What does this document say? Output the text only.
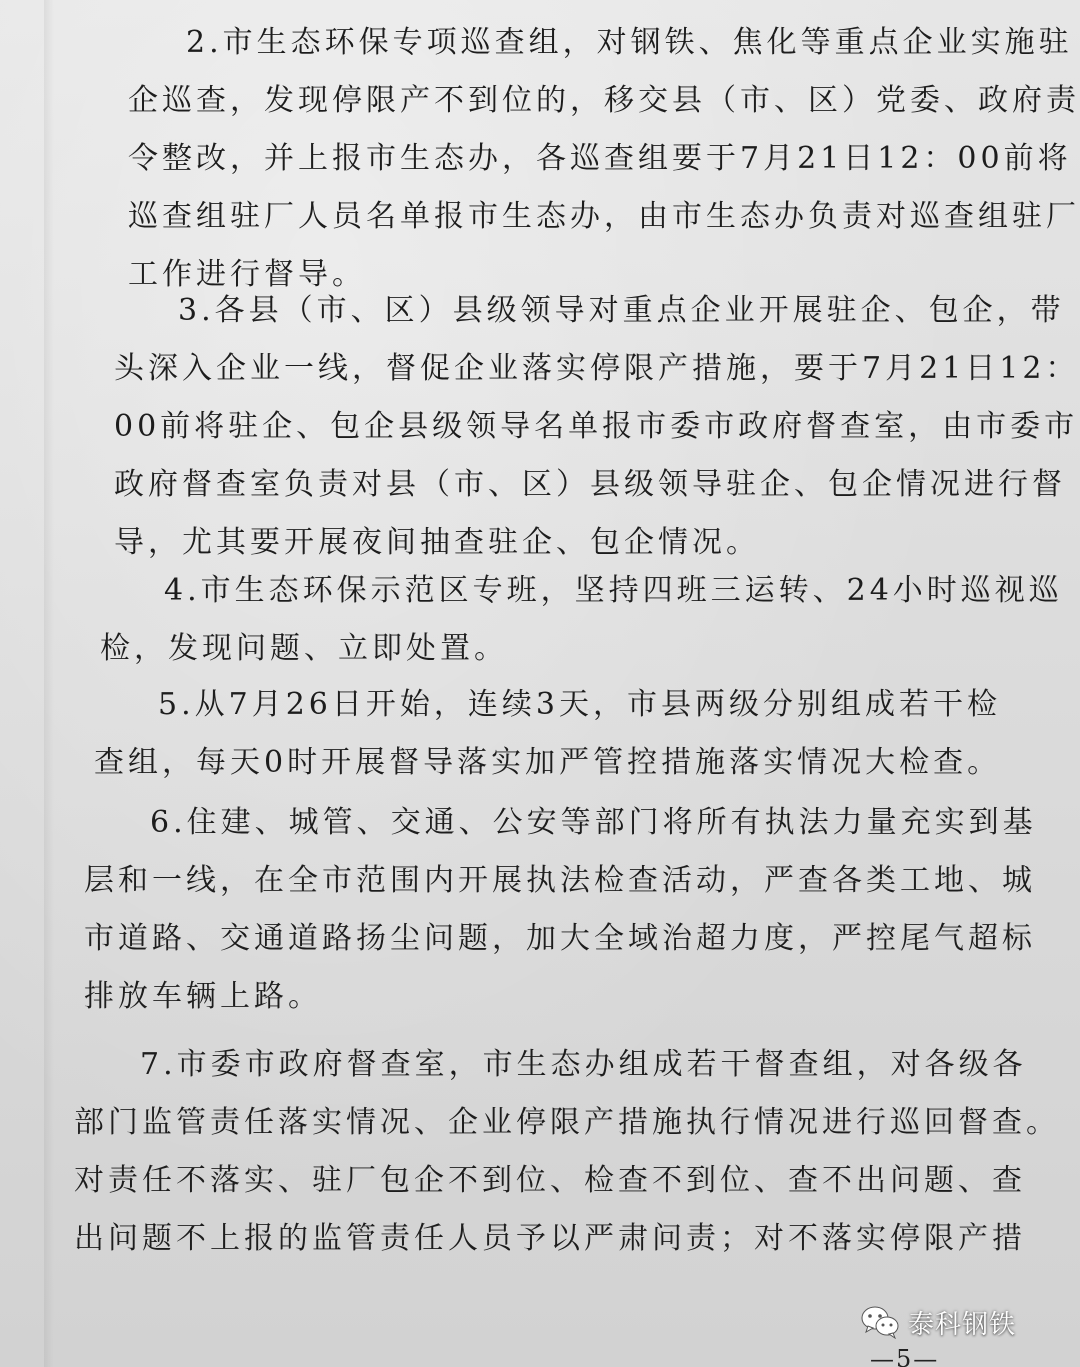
2.市生态环保专项巡查组，对钢铁、焦化等重点企业实施驻
企巡查，发现停限产不到位的，移交县（市、区）党委、政府责
令整改，并上报市生态办，各巡查组要于7月21日12：00前将
巡查组驻厂人员名单报市生态办，由市生态办负责对巡查组驻厂
工作进行督导。
3.各县（市、区）县级领导对重点企业开展驻企、包企，带
头深入企业一线，督促企业落实停限产措施，要于7月21日12：
00前将驻企、包企县级领导名单报市委市政府督查室，由市委市
政府督查室负责对县（市、区）县级领导驻企、包企情况进行督
导，尤其要开展夜间抽查驻企、包企情况。
4.市生态环保示范区专班，坚持四班三运转、24小时巡视巡
检，发现问题、立即处置。
5.从7月26日开始，连续3天，市县两级分别组成若干检
查组，每天0时开展督导落实加严管控措施落实情况大检查。
6.住建、城管、交通、公安等部门将所有执法力量充实到基
层和一线，在全市范围内开展执法检查活动，严查各类工地、城
市道路、交通道路扬尘问题，加大全域治超力度，严控尾气超标
排放车辆上路。
7.市委市政府督查室，市生态办组成若干督查组，对各级各
部门监管责任落实情况、企业停限产措施执行情况进行巡回督查。
对责任不落实、驻厂包企不到位、检查不到位、查不出问题、查
出问题不上报的监管责任人员予以严肃问责；对不落实停限产措
—5—
泰科钢铁
